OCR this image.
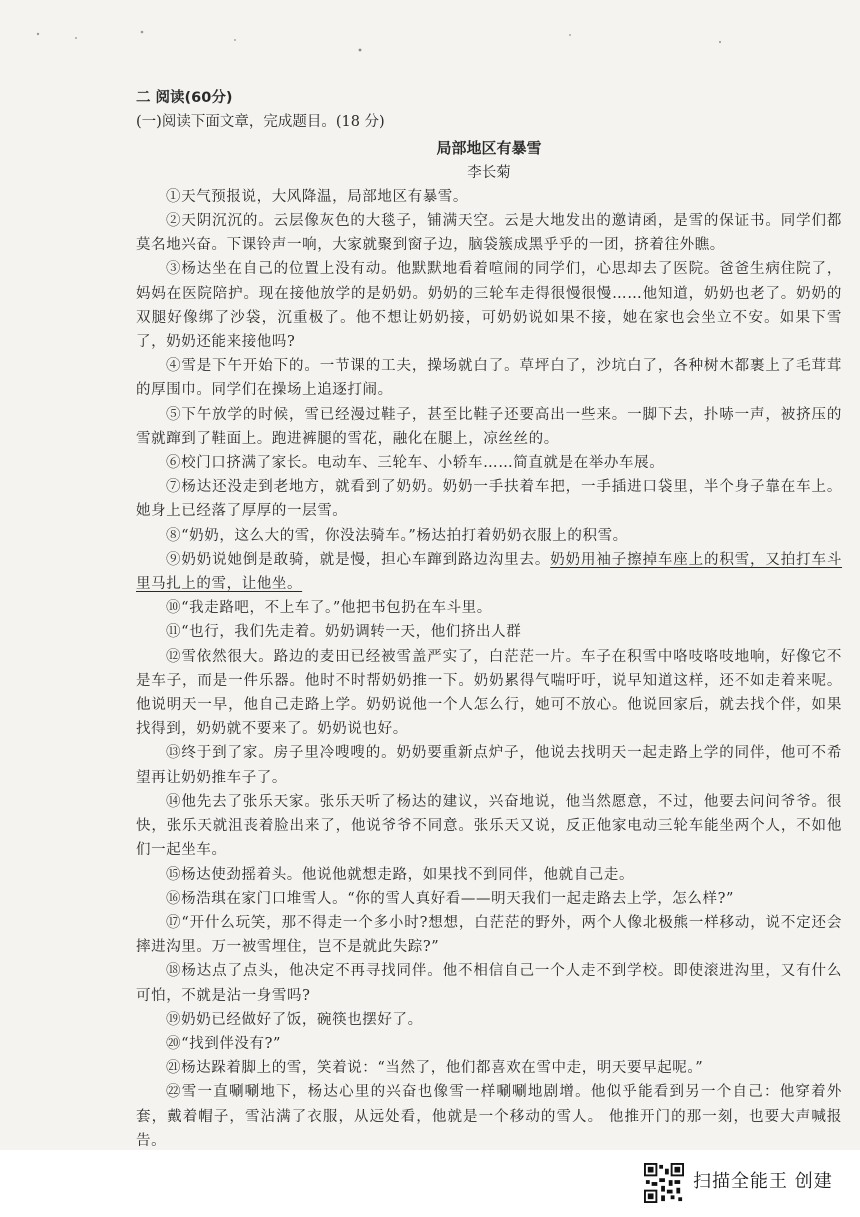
二 阅读(60分)
(一)阅读下面文章，完成题目。(18 分)
局部地区有暴雪
李长菊

①天气预报说，大风降温，局部地区有暴雪。

②天阴沉沉的。云层像灰色的大毯子，铺满天空。云是大地发出的邀请函，是雪的保证书。同学们都莫名地兴奋。下课铃声一响，大家就聚到窗子边，脑袋簇成黑乎乎的一团，挤着往外瞧。

③杨达坐在自己的位置上没有动。他默默地看着喧闹的同学们，心思却去了医院。爸爸生病住院了，妈妈在医院陪护。现在接他放学的是奶奶。奶奶的三轮车走得很慢很慢……他知道，奶奶也老了。奶奶的双腿好像绑了沙袋，沉重极了。他不想让奶奶接，可奶奶说如果不接，她在家也会坐立不安。如果下雪了，奶奶还能来接他吗?

④雪是下午开始下的。一节课的工夫，操场就白了。草坪白了，沙坑白了，各种树木都裹上了毛茸茸的厚围巾。同学们在操场上追逐打闹。

⑤下午放学的时候，雪已经漫过鞋子，甚至比鞋子还要高出一些来。一脚下去，扑哧一声，被挤压的雪就蹿到了鞋面上。跑进裤腿的雪花，融化在腿上，凉丝丝的。

⑥校门口挤满了家长。电动车、三轮车、小轿车……简直就是在举办车展。

⑦杨达还没走到老地方，就看到了奶奶。奶奶一手扶着车把，一手插进口袋里，半个身子靠在车上。她身上已经落了厚厚的一层雪。

⑧“奶奶，这么大的雪，你没法骑车。”杨达拍打着奶奶衣服上的积雪。

⑨奶奶说她倒是敢骑，就是慢，担心车蹿到路边沟里去。奶奶用袖子擦掉车座上的积雪，又拍打车斗里马扎上的雪，让他坐。

⑩“我走路吧，不上车了。”他把书包扔在车斗里。

⑪“也行，我们先走着。奶奶调转一天，他们挤出人群

⑫雪依然很大。路边的麦田已经被雪盖严实了，白茫茫一片。车子在积雪中咯吱咯吱地响，好像它不是车子，而是一件乐器。他时不时帮奶奶推一下。奶奶累得气喘吁吁，说早知道这样，还不如走着来呢。他说明天一早，他自己走路上学。奶奶说他一个人怎么行，她可不放心。他说回家后，就去找个伴，如果找得到，奶奶就不要来了。奶奶说也好。

⑬终于到了家。房子里冷嗖嗖的。奶奶要重新点炉子，他说去找明天一起走路上学的同伴，他可不希望再让奶奶推车子了。

⑭他先去了张乐天家。张乐天听了杨达的建议，兴奋地说，他当然愿意，不过，他要去问问爷爷。很快，张乐天就沮丧着脸出来了，他说爷爷不同意。张乐天又说，反正他家电动三轮车能坐两个人，不如他们一起坐车。

⑮杨达使劲摇着头。他说他就想走路，如果找不到同伴，他就自己走。

⑯杨浩琪在家门口堆雪人。“你的雪人真好看——明天我们一起走路去上学，怎么样?”

⑰“开什么玩笑，那不得走一个多小时?想想，白茫茫的野外，两个人像北极熊一样移动，说不定还会摔进沟里。万一被雪埋住，岂不是就此失踪?”

⑱杨达点了点头，他决定不再寻找同伴。他不相信自己一个人走不到学校。即使滚进沟里，又有什么可怕，不就是沾一身雪吗?

⑲奶奶已经做好了饭，碗筷也摆好了。

⑳“找到伴没有?”

㉑杨达跺着脚上的雪，笑着说：“当然了，他们都喜欢在雪中走，明天要早起呢。”

㉒雪一直唰唰地下，杨达心里的兴奋也像雪一样唰唰地剧增。他似乎能看到另一个自己：他穿着外套，戴着帽子，雪沾满了衣服，从远处看，他就是一个移动的雪人。 他推开门的那一刻，也要大声喊报告。

扫描全能王 创建
